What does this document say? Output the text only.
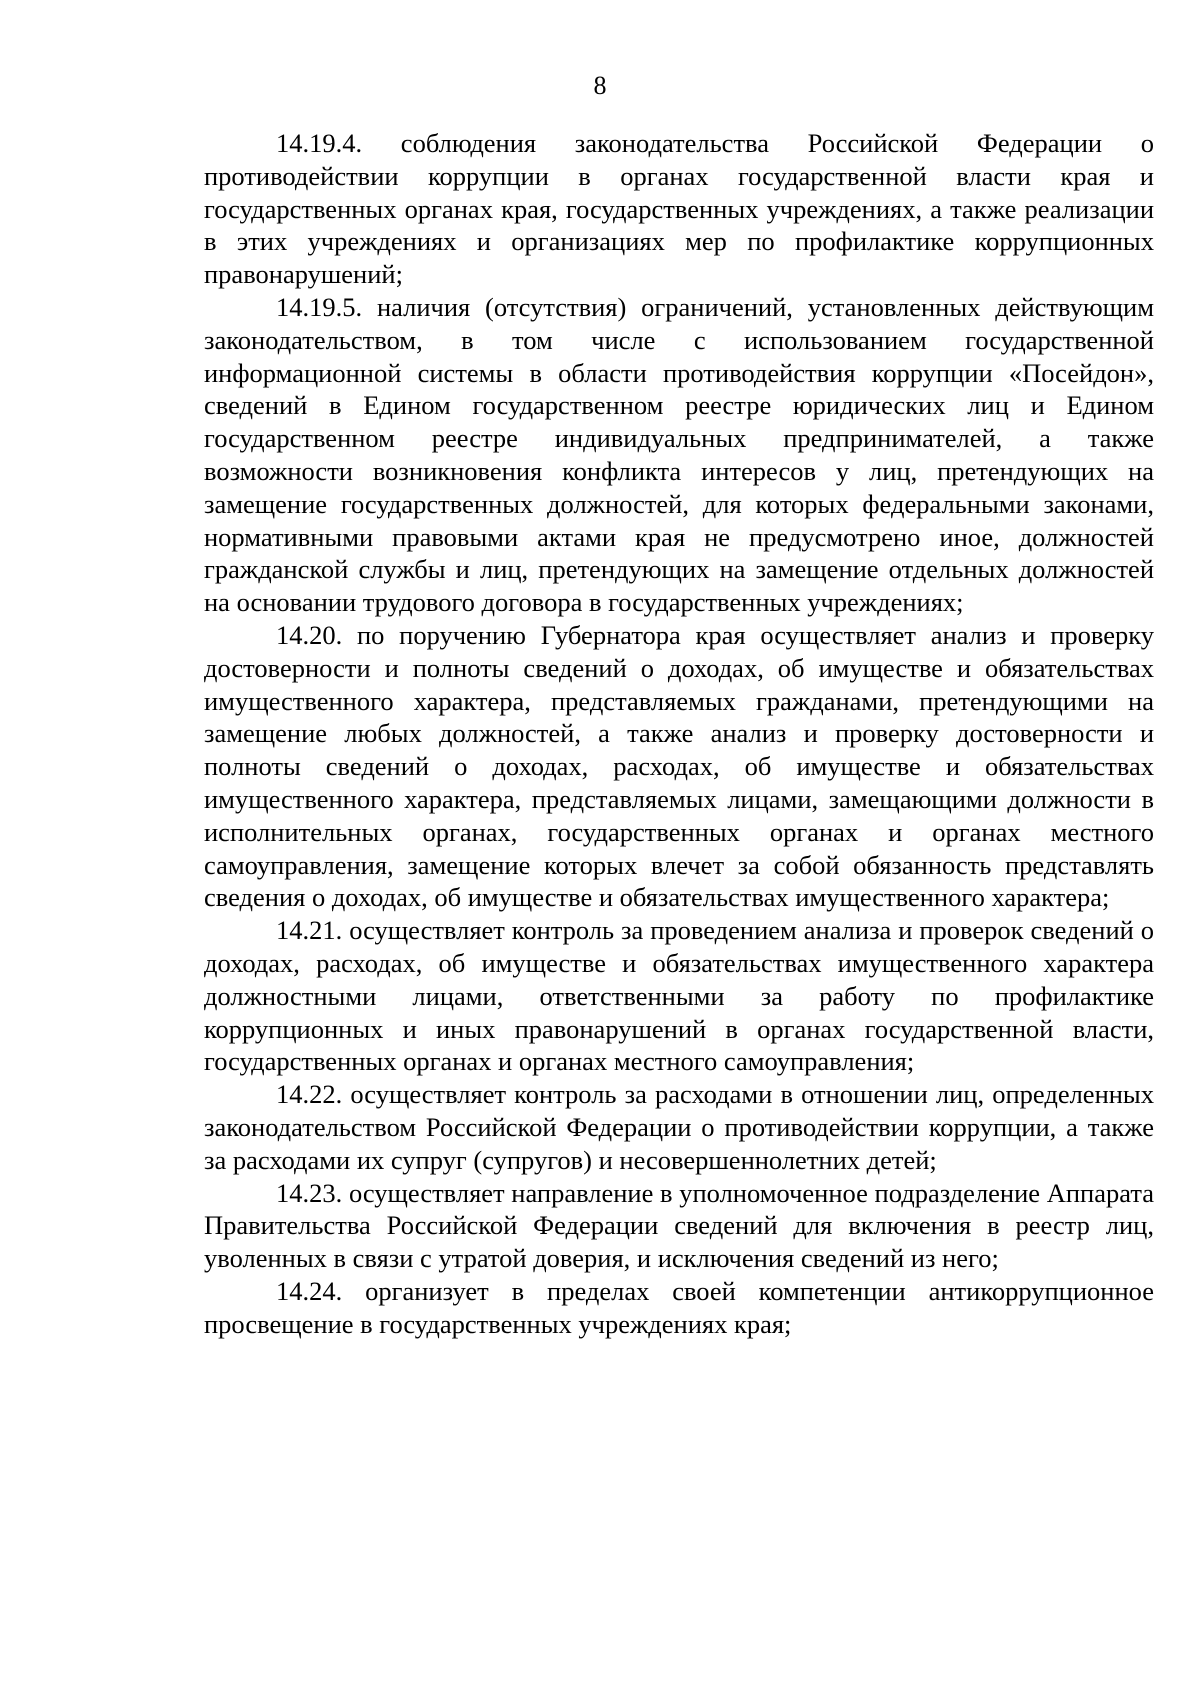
8

14.19.4. соблюдения законодательства Российской Федерации о противодействии коррупции в органах государственной власти края и государственных органах края, государственных учреждениях, а также реализации в этих учреждениях и организациях мер по профилактике коррупционных правонарушений;

14.19.5. наличия (отсутствия) ограничений, установленных действующим законодательством, в том числе с использованием государственной информационной системы в области противодействия коррупции «Посейдон», сведений в Едином государственном реестре юридических лиц и Едином государственном реестре индивидуальных предпринимателей, а также возможности возникновения конфликта интересов у лиц, претендующих на замещение государственных должностей, для которых федеральными законами, нормативными правовыми актами края не предусмотрено иное, должностей гражданской службы и лиц, претендующих на замещение отдельных должностей на основании трудового договора в государственных учреждениях;

14.20. по поручению Губернатора края осуществляет анализ и проверку достоверности и полноты сведений о доходах, об имуществе и обязательствах имущественного характера, представляемых гражданами, претендующими на замещение любых должностей, а также анализ и проверку достоверности и полноты сведений о доходах, расходах, об имуществе и обязательствах имущественного характера, представляемых лицами, замещающими должности в исполнительных органах, государственных органах и органах местного самоуправления, замещение которых влечет за собой обязанность представлять сведения о доходах, об имуществе и обязательствах имущественного характера;

14.21. осуществляет контроль за проведением анализа и проверок сведений о доходах, расходах, об имуществе и обязательствах имущественного характера должностными лицами, ответственными за работу по профилактике коррупционных и иных правонарушений в органах государственной власти, государственных органах и органах местного самоуправления;

14.22. осуществляет контроль за расходами в отношении лиц, определенных законодательством Российской Федерации о противодействии коррупции, а также за расходами их супруг (супругов) и несовершеннолетних детей;

14.23. осуществляет направление в уполномоченное подразделение Аппарата Правительства Российской Федерации сведений для включения в реестр лиц, уволенных в связи с утратой доверия, и исключения сведений из него;

14.24. организует в пределах своей компетенции антикоррупционное просвещение в государственных учреждениях края;
